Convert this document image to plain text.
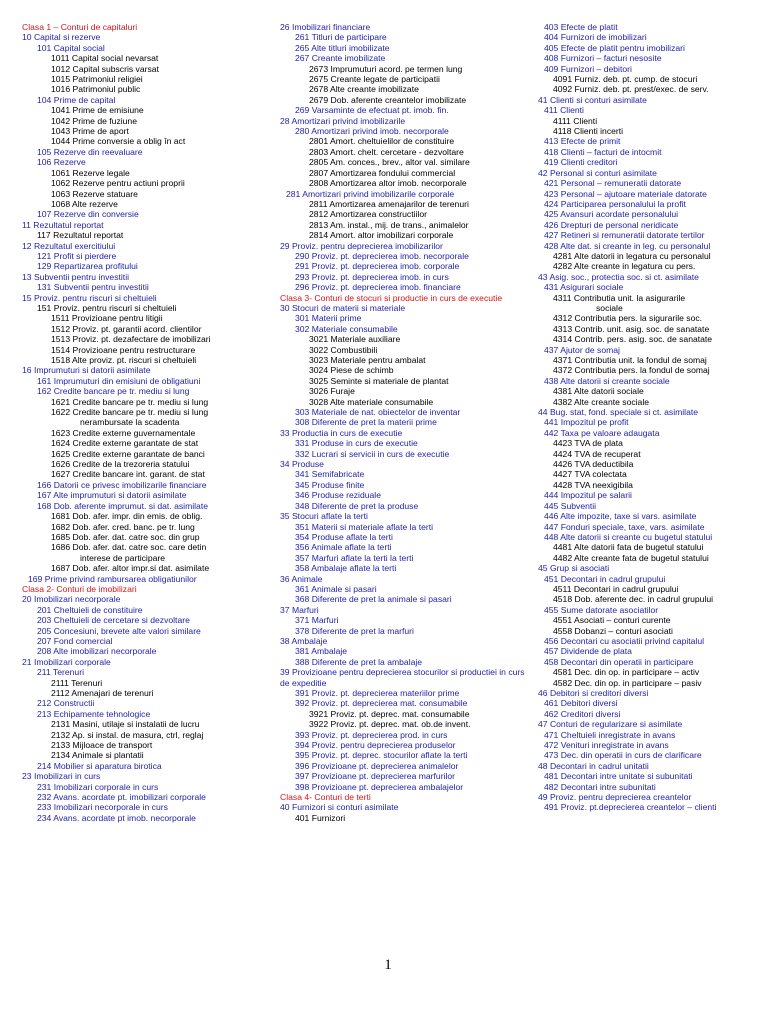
Clasa 1 – Conturi de capitaluri
10 Capital si rezerve
101 Capital social
1011 Capital social nevarsat
1012 Capital subscris varsat
1015 Patrimoniul religiei
1016 Patrimoniul public
104 Prime de capital
1041 Prime de emisiune
1042 Prime de fuziune
1043 Prime de aport
1044 Prime conversie a oblig în act
105 Rezerve din reevaluare
106 Rezerve
1061 Rezerve legale
1062 Rezerve pentru actiuni proprii
1063 Rezerve statuare
1068 Alte rezerve
107 Rezerve din conversie
11 Rezultatul reportat
117 Rezultatul reportat
12 Rezultatul exercitiului
121 Profit si pierdere
129 Repartizarea profitului
13 Subventii pentru investitii
131 Subventii pentru investitii
15 Proviz. pentru riscuri si cheltuieli
151 Proviz. pentru riscuri si cheltuieli
1511 Provizioane pentru litigii
1512 Proviz. pt. garantii acord. clientilor
1513 Proviz. pt. dezafectare de imobilizari
1514 Provizioane pentru restructurare
1518 Alte proviz. pt. riscuri si cheltuieli
16 Imprumuturi si datorii asimilate
161 Imprumuturi din emisiuni de obligatiuni
162 Credite bancare pe tr. mediu si lung
1621 Credite bancare pe tr. mediu si lung
1622 Credite bancare pe tr. mediu si lung
nerambursate la scadenta
1623 Credite externe guvernamentale
1624 Credite externe garantate de stat
1625 Credite externe garantate de banci
1626 Credite de la trezoreria statului
1627 Credite bancare int. garant. de stat
166 Datorii ce privesc imobilizarile financiare
167 Alte imprumuturi si datorii asimilate
168 Dob. aferente imprumut. si dat. asimilate
1681 Dob. afer. impr. din emis. de oblig.
1682 Dob. afer. cred. banc. pe tr. lung
1685 Dob. afer. dat. catre soc. din grup
1686 Dob. afer. dat. catre soc. care detin
interese de participare
1687 Dob. afer. altor impr.si dat. asimilate
169 Prime privind rambursarea obligatiunilor
Clasa 2- Conturi de imobilizari
20 Imobilizari necorporale
201 Cheltuieli de constituire
203 Cheltuieli de cercetare si dezvoltare
205 Concesiuni, brevete alte valori similare
207 Fond comercial
208 Alte imobilizari necorporale
21 Imobilizari corporale
211 Terenuri
2111 Terenuri
2112 Amenajari de terenuri
212 Constructii
213 Echipamente tehnologice
2131 Masini, utilaje si instalatii de lucru
2132 Ap. si instal. de masura, ctrl, reglaj
2133 Mijloace de transport
2134 Animale si plantatii
214 Mobilier si aparatura birotica
23 Imobilizari in curs
231 Imobilizari corporale in curs
232 Avans. acordate pt. imobilizari corporale
233 Imobilizari necorporale in curs
234 Avans. acordate pt imob. necorporale
26 Imobilizari financiare
261 Titluri de participare
265 Alte titluri imobilizate
267 Creante imobilizate
2673 Imprumuturi acord. pe termen lung
2675 Creante legate de participatii
2678 Alte creante imobilizate
2679 Dob. aferente creantelor imobilizate
269 Varsaminte de efectuat pt. imob. fin.
28 Amortizari privind imobilizarile
280 Amortizari privind imob. necorporale
2801 Amort. cheltuielilor de constituire
2803 Amort. chelt. cercetare - dezvoltare
2805 Am. conces., brev., altor val. similare
2807 Amortizarea fondului commercial
2808 Amortizarea altor imob. necorporale
281 Amortizari privind imobilizarile corporale
2811 Amortizarea amenajarilor de terenuri
2812 Amortizarea constructiilor
2813 Am. instal., mij. de trans., animalelor
2814 Amort. altor imobilizari corporale
29 Proviz. pentru deprecierea imobilizarilor
290 Proviz. pt. deprecierea imob. necorporale
291 Proviz. pt. deprecierea imob. corporale
293 Proviz. pt. deprecierea imob. in curs
296 Proviz. pt. deprecierea imob. financiare
Clasa 3- Conturi de stocuri si productie in curs de executie
30 Stocuri de materii si materiale
301 Materii prime
302 Materiale consumabile
3021 Materiale auxiliare
3022 Combustibili
3023 Materiale pentru ambalat
3024 Piese de schimb
3025 Seminte si materiale de plantat
3026 Furaje
3028 Alte materiale consumabile
303 Materiale de nat. obiectelor de inventar
308 Diferente de pret la materii prime
33 Productia in curs de executie
331 Produse in curs de executie
332 Lucrari si servicii in curs de executie
34 Produse
341 Semifabricate
345 Produse finite
346 Produse reziduale
348 Diferente de pret la produse
35 Stocuri aflate la terti
351 Materii si materiale aflate la terti
354 Produse aflate la terti
356 Animale aflate la terti
357 Marfuri aflate la terti la terti
358 Ambalaje aflate la terti
36 Animale
361 Animale si pasari
368 Diferente de pret la animale si pasari
37 Marfuri
371 Marfuri
378 Diferente de pret la marfuri
38 Ambalaje
381 Ambalaje
388 Diferente de pret la ambalaje
39 Provizioane pentru deprecierea stocurilor si productiei in curs de expeditie
391 Proviz. pt. deprecierea materiilor prime
392 Proviz. pt. deprecierea mat. consumabile
3921 Proviz. pt. deprec. mat. consumabile
3922 Proviz. pt. deprec. mat. ob.de invent.
393 Proviz. pt. deprecierea prod. in curs
394 Proviz. pentru deprecierea produselor
395 Proviz. pt. deprec. stocurilor aflate la terti
396 Provizioane pt. deprecierea animalelor
397 Provizioane pt. deprecierea marfurilor
398 Provizioane pt. deprecierea ambalajelor
Clasa 4- Conturi de terti
40 Furnizori si conturi asimilate
401 Furnizori
403 Efecte de platit
404 Furnizori de imobilizari
405 Efecte de platit pentru imobilizari
408 Furnizori – facturi nesosite
409 Furnizori – debitori
4091 Furniz. deb. pt. cump. de stocuri
4092 Furniz. deb. pt. prest/exec. de serv.
41 Clienti si conturi asimilate
411 Clienti
4111 Clienti
4118 Clienti incerti
413 Efecte de primit
418 Clienti – facturi de intocmit
419 Clienti creditori
42 Personal si conturi asimilate
421 Personal – remuneratii datorate
423 Personal – ajutoare materiale datorate
424 Participarea personalului la profit
425 Avansuri acordate personalului
426 Drepturi de personal neridicate
427 Retineri si remuneratii datorate tertilor
428 Alte dat. si creante in leg. cu personalul
4281 Alte datorii in legatura cu personalul
4282 Alte creante in legatura cu pers.
43 Asig. soc., protectia soc. si ct. asimilate
431 Asigurari sociale
4311 Contributia unit. la asigurarile
sociale
4312 Contributia pers. la sigurarile soc.
4313 Contrib. unit. asig. soc. de sanatate
4314 Contrib. pers. asig. soc. de sanatate
437 Ajutor de somaj
4371 Contributia unit. la fondul de somaj
4372 Contributia pers. la fondul de somaj
438 Alte datorii si creante sociale
4381 Alte datorii sociale
4382 Alte creante sociale
44 Bug. stat, fond. speciale si ct. asimilate
441 Impozitul pe profit
442 Taxa pe valoare adaugata
4423 TVA de plata
4424 TVA de recuperat
4426 TVA deductibila
4427 TVA colectata
4428 TVA neexigibila
444 Impozitul pe salarii
445 Subventii
446 Alte impozite, taxe si vars. asimilate
447 Fonduri speciale, taxe, vars. asimilate
448 Alte datorii si creante cu bugetul statului
4481 Alte datorii fata de bugetul statului
4482 Alte creante fata de bugetul statului
45 Grup si asociati
451 Decontari in cadrul grupului
4511 Decontari in cadrul grupului
4518 Dob. aferente dec. in cadrul grupului
455 Sume datorate asociatilor
4551 Asociati – conturi curente
4558 Dobanzi – conturi asociati
456 Decontari cu asociatii privind capitalul
457 Dividende de plata
458 Decontari din operatii in participare
4581 Dec. din op. in participare – activ
4582 Dec. din op. in participare – pasiv
46 Debitori si creditori diversi
461 Debitori diversi
462 Creditori diversi
47 Conturi de regularizare si asimilate
471 Cheltuieli inregistrate in avans
472 Venituri inregistrate in avans
473 Dec. din operatii in curs de clarificare
48 Decontari in cadrul unitatii
481 Decontari intre unitate si subunitati
482 Decontari intre subunitati
49 Proviz. pentru deprecierea creantelor
491 Proviz. pt.deprecierea creantelor – clienti
1
